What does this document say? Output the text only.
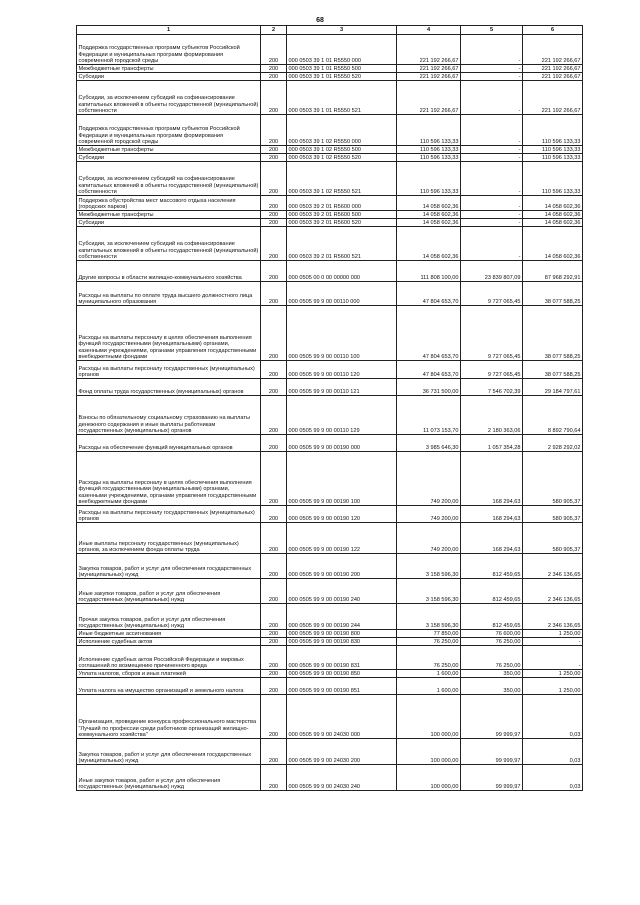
68
1	2	3	4	5	6
Поддержка государственных программ субъектов Российской Федерации и муниципальных программ формирования современной городской среды	200	000 0503 39 1 01 R5550 000	221 192 266,67	-	221 192 266,67
Межбюджетные трансферты	200	000 0503 39 1 01 R5550 500	221 192 266,67	-	221 192 266,67
Субсидии	200	000 0503 39 1 01 R5550 520	221 192 266,67	-	221 192 266,67
Субсидии, за исключением субсидий на софинансирование капитальных вложений в объекты государственной (муниципальной) собственности	200	000 0503 39 1 01 R5550 521	221 192 266,67	-	221 192 266,67
Поддержка государственных программ субъектов Российской Федерации и муниципальных программ формирования современной городской среды	200	000 0503 39 1 02 R5550 000	110 596 133,33	-	110 596 133,33
Межбюджетные трансферты	200	000 0503 39 1 02 R5550 500	110 596 133,33	-	110 596 133,33
Субсидии	200	000 0503 39 1 02 R5550 520	110 596 133,33	-	110 596 133,33
Субсидии, за исключением субсидий на софинансирование капитальных вложений в объекты государственной (муниципальной) собственности	200	000 0503 39 1 02 R5550 521	110 596 133,33	-	110 596 133,33
Поддержка обустройства мест массового отдыха населения (городских парков)	200	000 0503 39 2 01 R5600 000	14 058 602,36	-	14 058 602,36
Межбюджетные трансферты	200	000 0503 39 2 01 R5600 500	14 058 602,36	-	14 058 602,36
Субсидии	200	000 0503 39 2 01 R5600 520	14 058 602,36	-	14 058 602,36
Субсидии, за исключением субсидий на софинансирование капитальных вложений в объекты государственной (муниципальной) собственности	200	000 0503 39 2 01 R5600 521	14 058 602,36	-	14 058 602,36
Другие вопросы в области жилищно-коммунального хозяйства	200	000 0505 00 0 00 00000 000	111 808 100,00	23 839 807,09	87 968 292,91
Расходы на выплаты по оплате труда высшего должностного лица муниципального образования	200	000 0505 99 9 00 00110 000	47 804 653,70	9 727 065,45	38 077 588,25
Расходы на выплаты персоналу в целях обеспечения выполнения функций государственными (муниципальными) органами, казенными учреждениями, органами управления государственными внебюджетными фондами	200	000 0505 99 9 00 00110 100	47 804 653,70	9 727 065,45	38 077 588,25
Расходы на выплаты персоналу государственных (муниципальных) органов	200	000 0505 99 9 00 00110 120	47 804 653,70	9 727 065,45	38 077 588,25
Фонд оплаты труда государственных (муниципальных) органов	200	000 0505 99 9 00 00110 121	36 731 500,00	7 546 702,39	29 184 797,61
Взносы по обязательному социальному страхованию на выплаты денежного содержания и иные выплаты работникам государственных (муниципальных) органов	200	000 0505 99 9 00 00110 129	11 073 153,70	2 180 363,06	8 892 790,64
Расходы на обеспечение функций муниципальных органов	200	000 0505 99 9 00 00190 000	3 985 646,30	1 057 354,28	2 928 292,02
Расходы на выплаты персоналу в целях обеспечения выполнения функций государственными (муниципальными) органами, казенными учреждениями, органами управления государственными внебюджетными фондами	200	000 0505 99 9 00 00190 100	749 200,00	168 294,63	580 905,37
Расходы на выплаты персоналу государственных (муниципальных) органов	200	000 0505 99 9 00 00190 120	749 200,00	168 294,63	580 905,37
Иные выплаты персоналу государственных (муниципальных) органов, за исключением фонда оплаты труда	200	000 0505 99 9 00 00190 122	749 200,00	168 294,63	580 905,37
Закупка товаров, работ и услуг для обеспечения государственных (муниципальных) нужд	200	000 0505 99 9 00 00190 200	3 158 596,30	812 459,65	2 346 136,65
Иные закупки товаров, работ и услуг для обеспечения государственных (муниципальных) нужд	200	000 0505 99 9 00 00190 240	3 158 596,30	812 459,65	2 346 136,65
Прочая закупка товаров, работ и услуг для обеспечения государственных (муниципальных) нужд	200	000 0505 99 9 00 00190 244	3 158 596,30	812 459,65	2 346 136,65
Иные бюджетные ассигнования	200	000 0505 99 9 00 00190 800	77 850,00	76 600,00	1 250,00
Исполнение судебных актов	200	000 0505 99 9 00 00190 830	76 250,00	76 250,00	-
Исполнение судебных актов Российской Федерации и мировых соглашений по возмещению причиненного вреда	200	000 0505 99 9 00 00190 831	76 250,00	76 250,00	-
Уплата налогов, сборов и иных платежей	200	000 0505 99 9 00 00190 850	1 600,00	350,00	1 250,00
Уплата налога на имущество организаций и земельного налога	200	000 0505 99 9 00 00190 851	1 600,00	350,00	1 250,00
Организация, проведение конкурса профессионального мастерства "Лучший по профессии среди работников организаций жилищно-коммунального хозяйства"	200	000 0505 99 9 00 24030 000	100 000,00	99 999,97	0,03
Закупка товаров, работ и услуг для обеспечения государственных (муниципальных) нужд	200	000 0505 99 9 00 24030 200	100 000,00	99 999,97	0,03
Иные закупки товаров, работ и услуг для обеспечения государственных (муниципальных) нужд	200	000 0505 99 9 00 24030 240	100 000,00	99 999,97	0,03
